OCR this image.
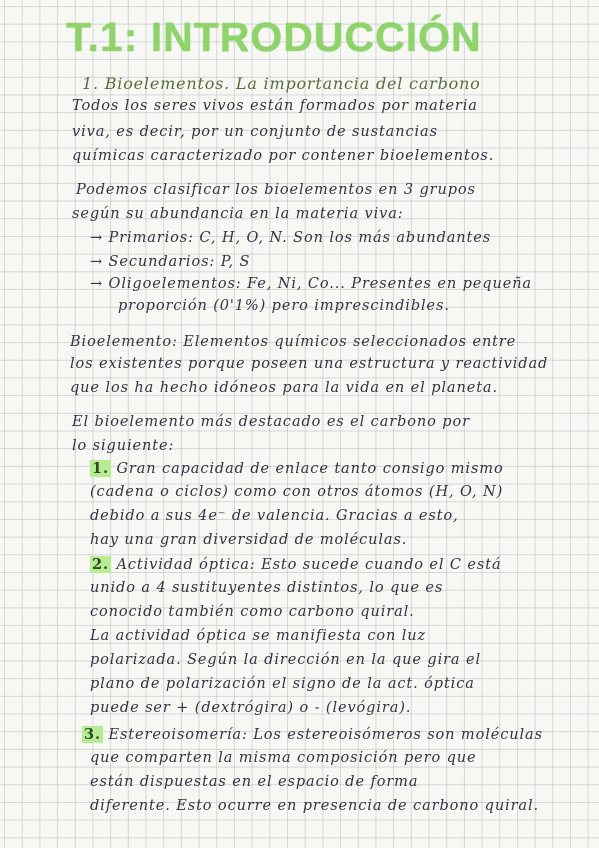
T.1: INTRODUCCIÓN
1. Bioelementos. La importancia del carbono
Todos los seres vivos están formados por materia
viva, es decir, por un conjunto de sustancias
químicas caracterizado por contener bioelementos.
Podemos clasificar los bioelementos en 3 grupos
según su abundancia en la materia viva:
→ Primarios: C, H, O, N. Son los más abundantes
→ Secundarios: P, S
→ Oligoelementos: Fe, Ni, Co... Presentes en pequeña
proporción (0'1%) pero imprescindibles.
Bioelemento: Elementos químicos seleccionados entre
los existentes porque poseen una estructura y reactividad
que los ha hecho idóneos para la vida en el planeta.
El bioelemento más destacado es el carbono por
lo siguiente:
1. Gran capacidad de enlace tanto consigo mismo
(cadena o ciclos) como con otros átomos (H, O, N)
debido a sus 4e⁻ de valencia. Gracias a esto,
hay una gran diversidad de moléculas.
2. Actividad óptica: Esto sucede cuando el C está
unido a 4 sustituyentes distintos, lo que es
conocido también como carbono quiral.
La actividad óptica se manifiesta con luz
polarizada. Según la dirección en la que gira el
plano de polarización el signo de la act. óptica
puede ser + (dextrógira) o - (levógira).
3. Estereoisomería: Los estereoisómeros son moléculas
que comparten la misma composición pero que
están dispuestas en el espacio de forma
diferente. Esto ocurre en presencia de carbono quiral.
